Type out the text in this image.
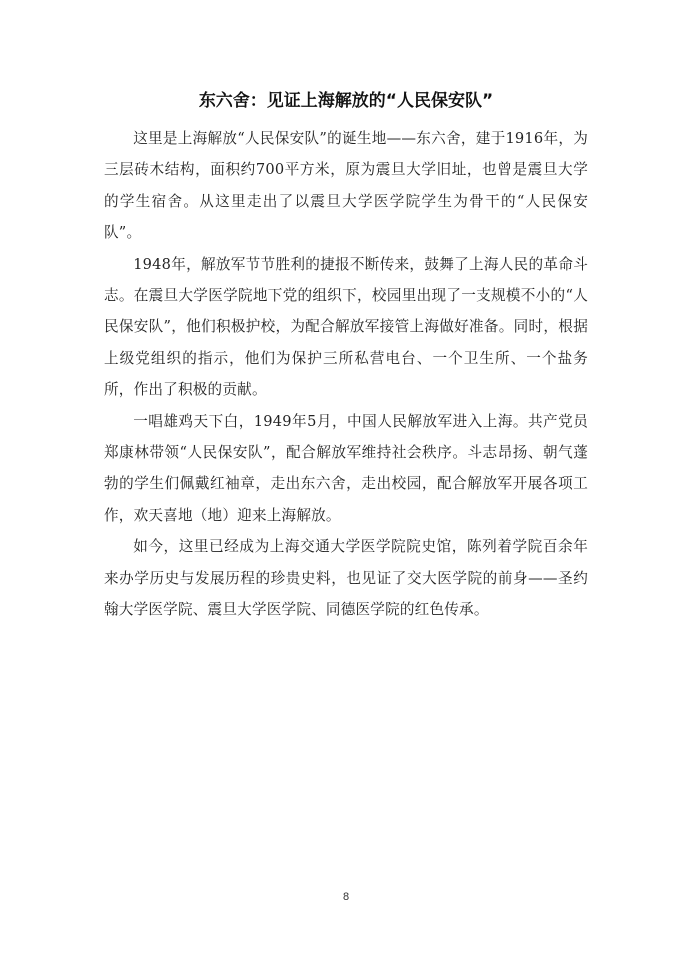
东六舍：见证上海解放的“人民保安队”

这里是上海解放“人民保安队”的诞生地——东六舍，建于1916年，为三层砖木结构，面积约700平方米，原为震旦大学旧址，也曾是震旦大学的学生宿舍。从这里走出了以震旦大学医学院学生为骨干的“人民保安队”。

1948年，解放军节节胜利的捷报不断传来，鼓舞了上海人民的革命斗志。在震旦大学医学院地下党的组织下，校园里出现了一支规模不小的“人民保安队”，他们积极护校，为配合解放军接管上海做好准备。同时，根据上级党组织的指示，他们为保护三所私营电台、一个卫生所、一个盐务所，作出了积极的贡献。

一唱雄鸡天下白，1949年5月，中国人民解放军进入上海。共产党员郑康林带领“人民保安队”，配合解放军维持社会秩序。斗志昂扬、朝气蓬勃的学生们佩戴红袖章，走出东六舍，走出校园，配合解放军开展各项工作，欢天喜地（地）迎来上海解放。

如今，这里已经成为上海交通大学医学院院史馆，陈列着学院百余年来办学历史与发展历程的珍贵史料，也见证了交大医学院的前身——圣约翰大学医学院、震旦大学医学院、同德医学院的红色传承。

8
